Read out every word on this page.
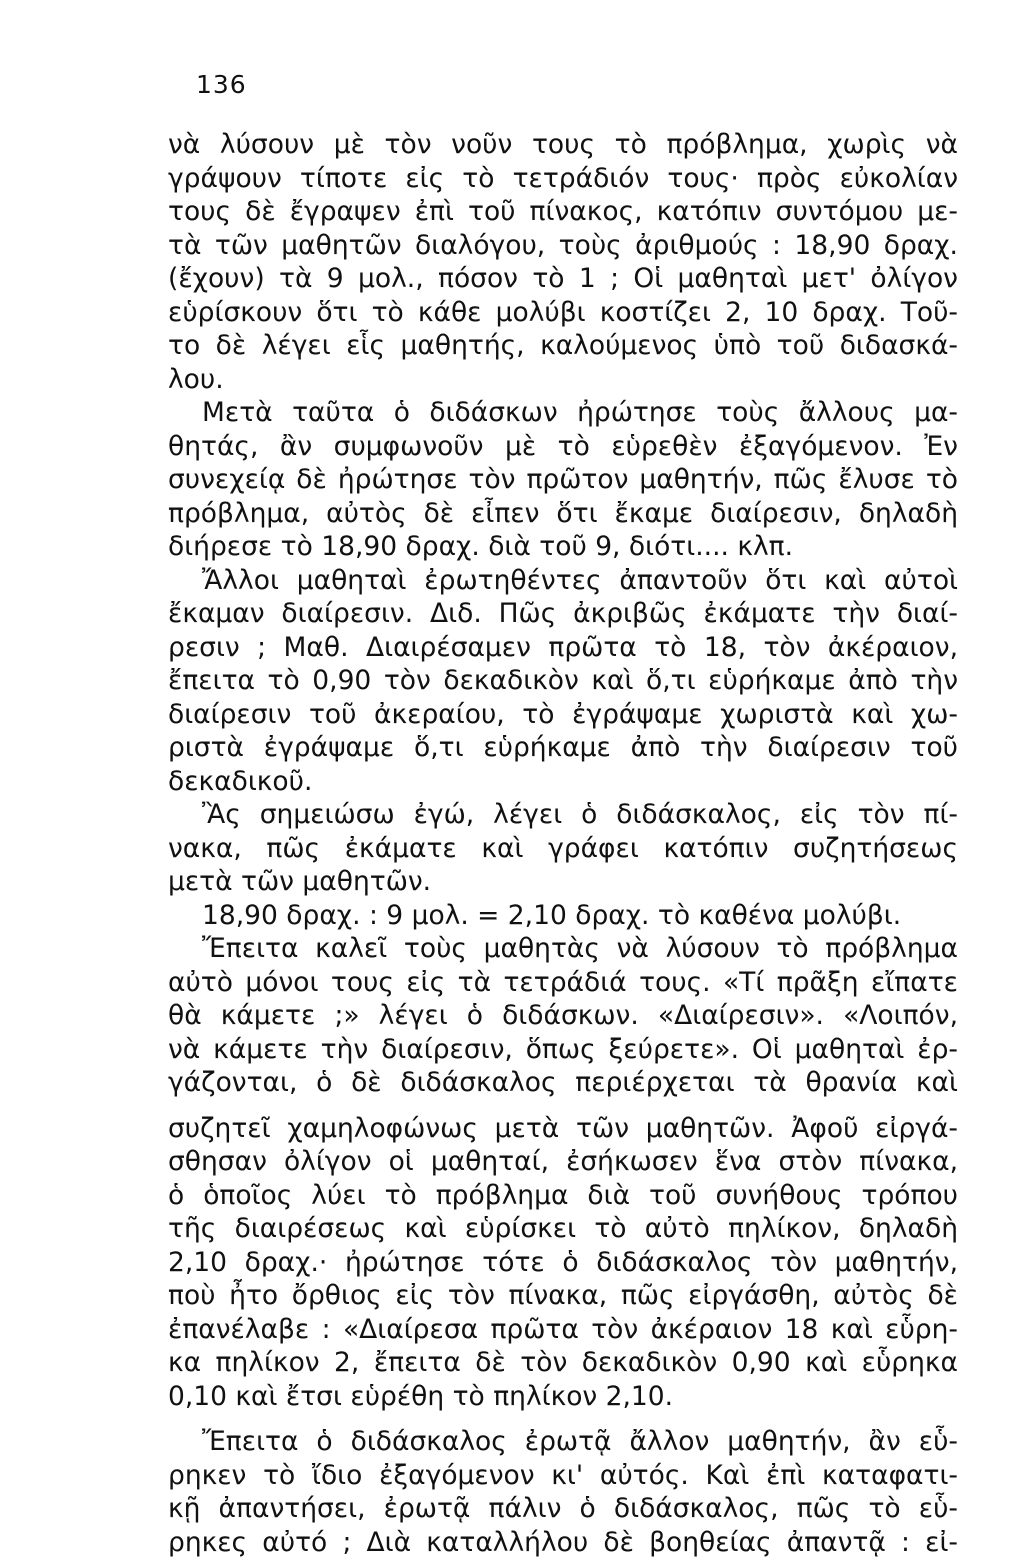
136
νὰ λύσουν μὲ τὸν νοῦν τους τὸ πρόβλημα, χωρὶς νὰ
γράψουν τίποτε εἰς τὸ τετράδιόν τους· πρὸς εὐκολίαν
τους δὲ ἔγραψεν ἐπὶ τοῦ πίνακος, κατόπιν συντόμου με-
τὰ τῶν μαθητῶν διαλόγου, τοὺς ἀριθμούς : 18,90 δραχ.
(ἔχουν) τὰ 9 μολ., πόσον τὸ 1 ; Οἱ μαθηταὶ μετ' ὀλίγον
εὑρίσκουν ὅτι τὸ κάθε μολύβι κοστίζει 2, 10 δραχ. Τοῦ-
το δὲ λέγει εἷς μαθητής, καλούμενος ὑπὸ τοῦ διδασκά-
λου.
Μετὰ ταῦτα ὁ διδάσκων ἠρώτησε τοὺς ἄλλους μα-
θητάς, ἂν συμφωνοῦν μὲ τὸ εὑρεθὲν ἐξαγόμενον. Ἐν
συνεχείᾳ δὲ ἠρώτησε τὸν πρῶτον μαθητήν, πῶς ἔλυσε τὸ
πρόβλημα, αὐτὸς δὲ εἶπεν ὅτι ἔκαμε διαίρεσιν, δηλαδὴ
διήρεσε τὸ 18,90 δραχ. διὰ τοῦ 9, διότι.... κλπ.
Ἄλλοι μαθηταὶ ἐρωτηθέντες ἀπαντοῦν ὅτι καὶ αὐτοὶ
ἔκαμαν διαίρεσιν. Διδ. Πῶς ἀκριβῶς ἐκάματε τὴν διαί-
ρεσιν ; Μαθ. Διαιρέσαμεν πρῶτα τὸ 18, τὸν ἀκέραιον,
ἔπειτα τὸ 0,90 τὸν δεκαδικὸν καὶ ὅ,τι εὑρήκαμε ἀπὸ τὴν
διαίρεσιν τοῦ ἀκεραίου, τὸ ἐγράψαμε χωριστὰ καὶ χω-
ριστὰ ἐγράψαμε ὅ,τι εὑρήκαμε ἀπὸ τὴν διαίρεσιν τοῦ
δεκαδικοῦ.
Ἂς σημειώσω ἐγώ, λέγει ὁ διδάσκαλος, εἰς τὸν πί-
νακα, πῶς ἐκάματε καὶ γράφει κατόπιν συζητήσεως
μετὰ τῶν μαθητῶν.
18,90 δραχ. : 9 μολ. = 2,10 δραχ. τὸ καθένα μολύβι.
Ἔπειτα καλεῖ τοὺς μαθητὰς νὰ λύσουν τὸ πρόβλημα
αὐτὸ μόνοι τους εἰς τὰ τετράδιά τους. «Τί πρᾶξη εἴπατε
θὰ κάμετε ;» λέγει ὁ διδάσκων. «Διαίρεσιν». «Λοιπόν,
νὰ κάμετε τὴν διαίρεσιν, ὅπως ξεύρετε». Οἱ μαθηταὶ ἐρ-
γάζονται, ὁ δὲ διδάσκαλος περιέρχεται τὰ θρανία καὶ
συζητεῖ χαμηλοφώνως μετὰ τῶν μαθητῶν. Ἀφοῦ εἰργά-
σθησαν ὀλίγον οἱ μαθηταί, ἐσήκωσεν ἕνα στὸν πίνακα,
ὁ ὁποῖος λύει τὸ πρόβλημα διὰ τοῦ συνήθους τρόπου
τῆς διαιρέσεως καὶ εὑρίσκει τὸ αὐτὸ πηλίκον, δηλαδὴ
2,10 δραχ.· ἠρώτησε τότε ὁ διδάσκαλος τὸν μαθητήν,
ποὺ ἦτο ὄρθιος εἰς τὸν πίνακα, πῶς εἰργάσθη, αὐτὸς δὲ
ἐπανέλαβε : «Διαίρεσα πρῶτα τὸν ἀκέραιον 18 καὶ εὗρη-
κα πηλίκον 2, ἔπειτα δὲ τὸν δεκαδικὸν 0,90 καὶ εὗρηκα
0,10 καὶ ἔτσι εὑρέθη τὸ πηλίκον 2,10.
Ἔπειτα ὁ διδάσκαλος ἐρωτᾷ ἄλλον μαθητήν, ἂν εὗ-
ρηκεν τὸ ἴδιο ἐξαγόμενον κι' αὐτός. Καὶ ἐπὶ καταφατι-
κῇ ἀπαντήσει, ἐρωτᾷ πάλιν ὁ διδάσκαλος, πῶς τὸ εὗ-
ρηκες αὐτό ; Διὰ καταλλήλου δὲ βοηθείας ἀπαντᾷ : εἰ-
